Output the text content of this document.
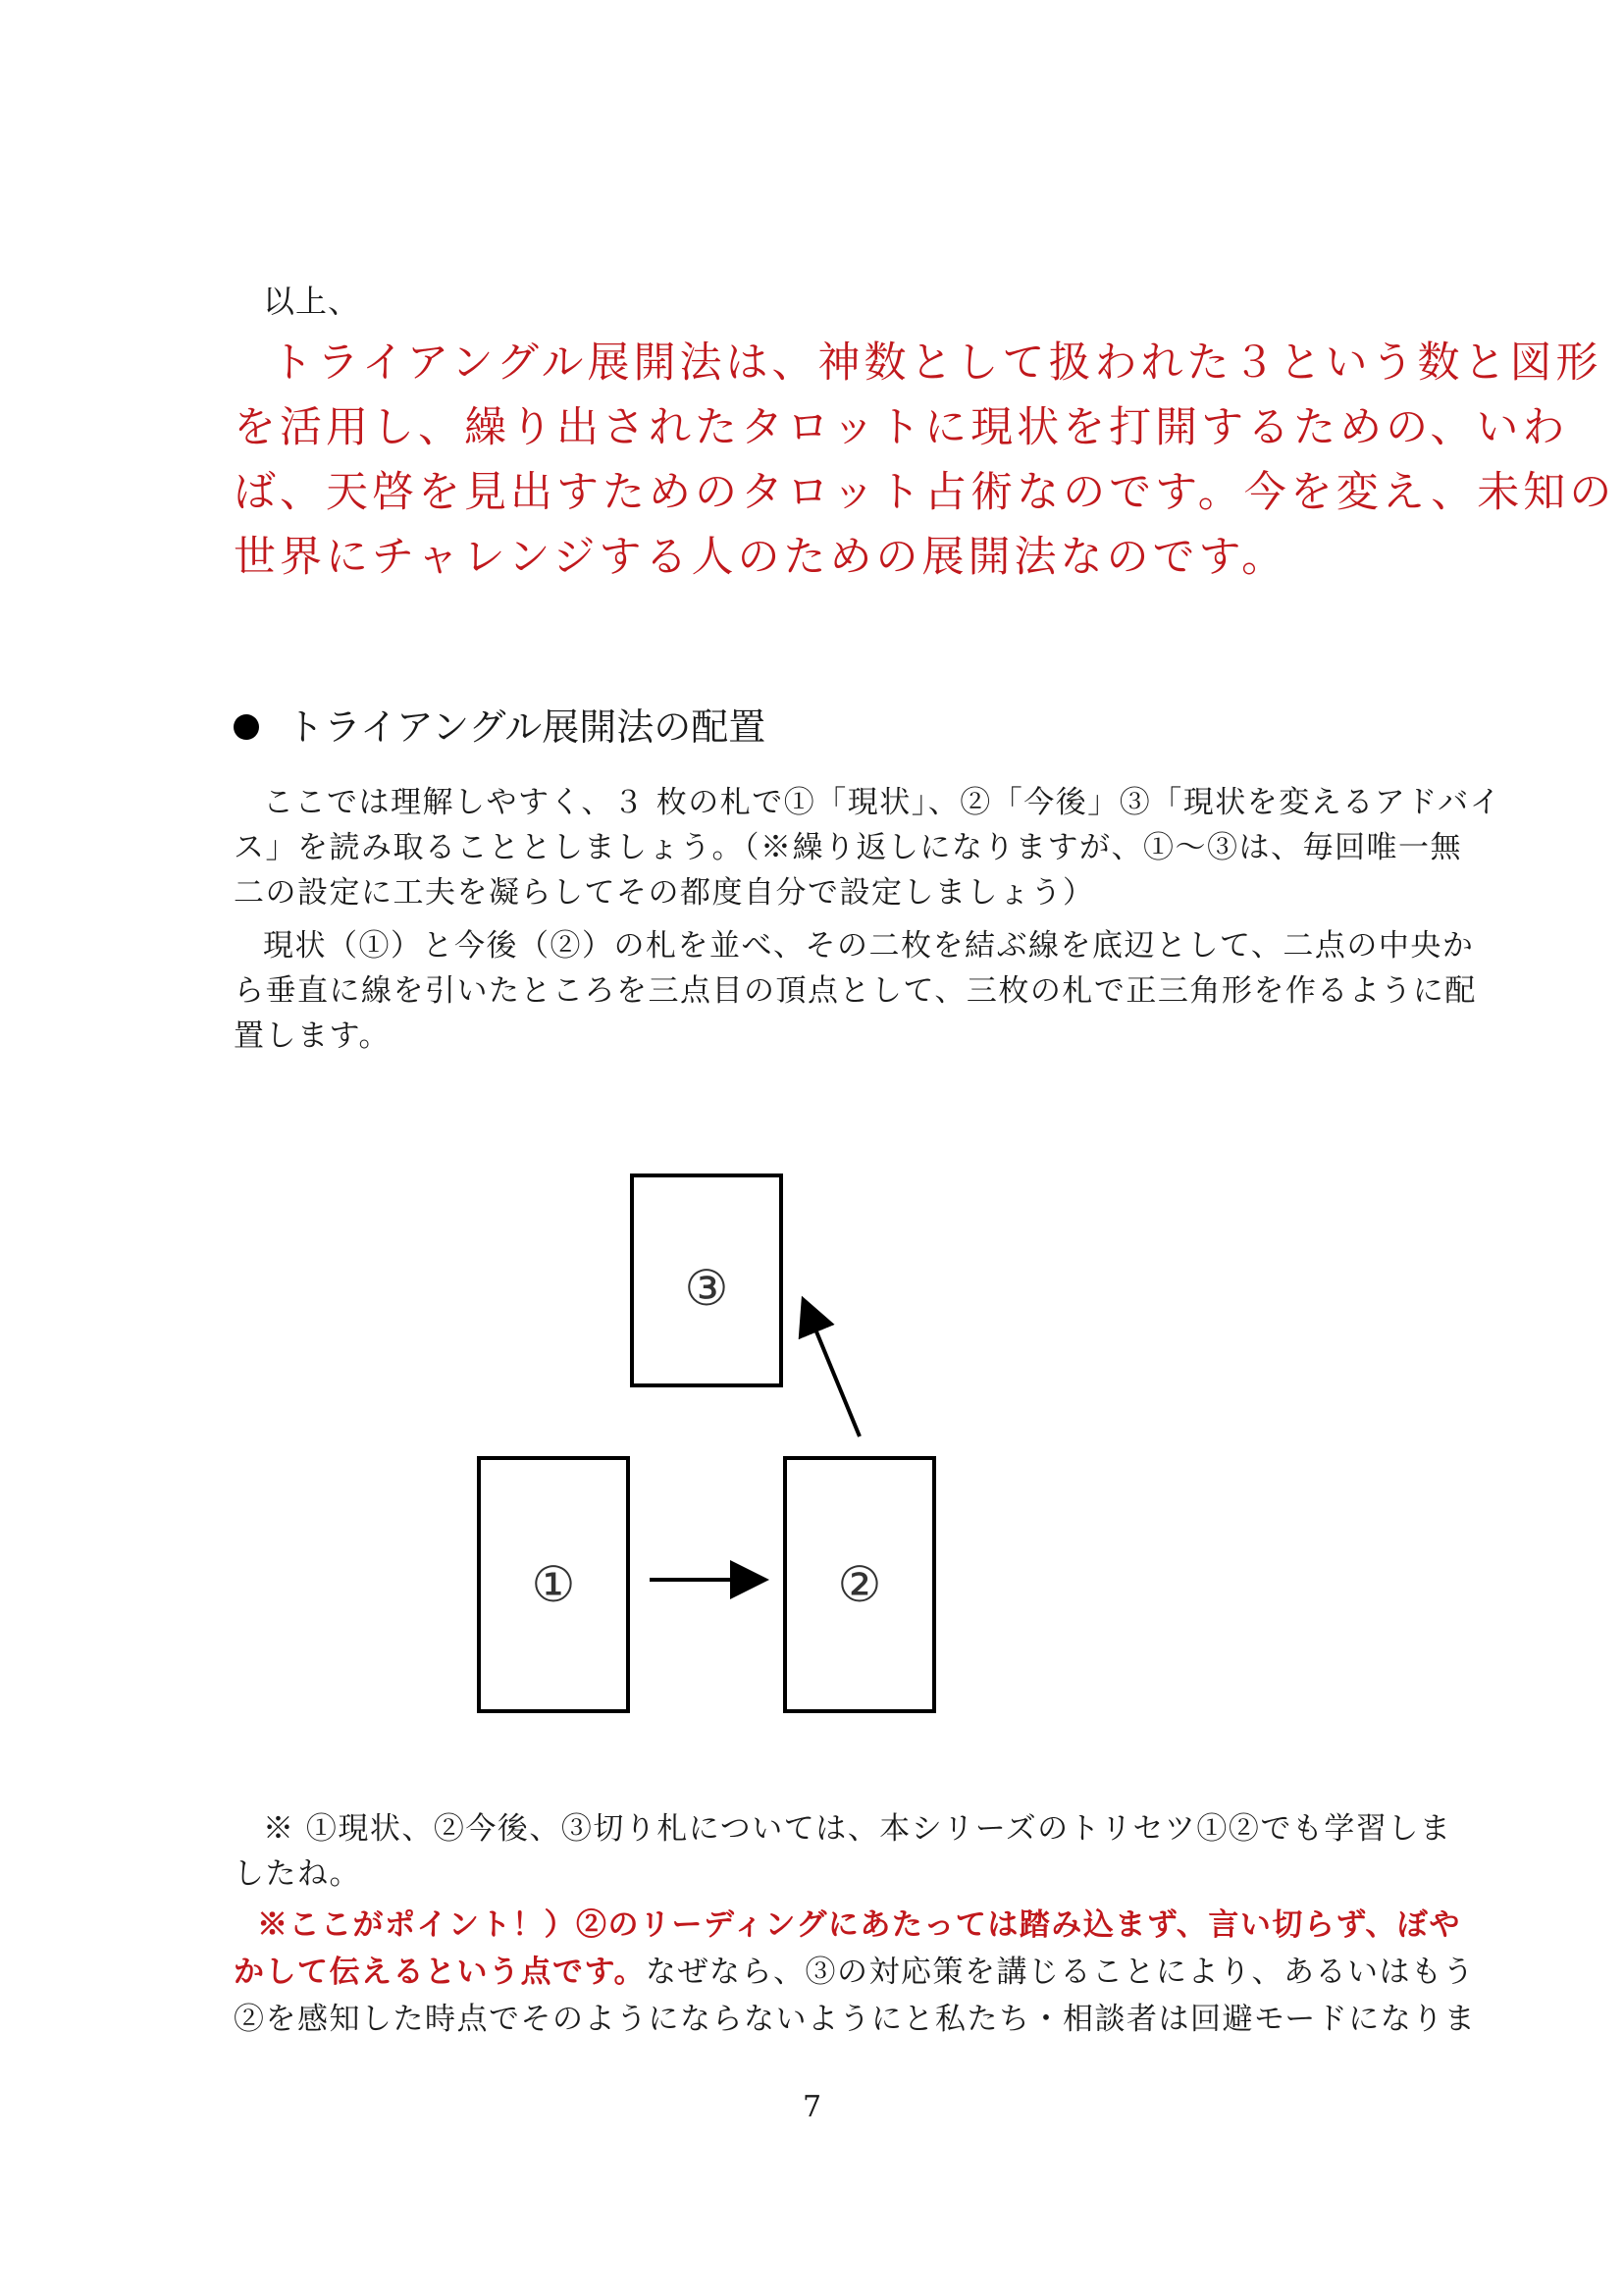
以上、
トライアングル展開法は、神数として扱われた３という数と図形
を活用し、繰り出されたタロットに現状を打開するための、いわ
ば、天啓を見出すためのタロット占術なのです。今を変え、未知の
世界にチャレンジする人のための展開法なのです。
トライアングル展開法の配置
ここでは理解しやすく、３ 枚の札で①「現状」、②「今後」③「現状を変えるアドバイ
ス」を読み取ることとしましょう。（※繰り返しになりますが、①～③は、毎回唯一無
二の設定に工夫を凝らしてその都度自分で設定しましょう）
現状（①）と今後（②）の札を並べ、その二枚を結ぶ線を底辺として、二点の中央か
ら垂直に線を引いたところを三点目の頂点として、三枚の札で正三角形を作るように配
置します。
③
①	②
※ ①現状、②今後、③切り札については、本シリーズのトリセツ①②でも学習しま
したね。
※ここがポイント！）②のリーディングにあたっては踏み込まず、言い切らず、ぼや
かして伝えるという点です。なぜなら、③の対応策を講じることにより、あるいはもう
②を感知した時点でそのようにならないようにと私たち・相談者は回避モードになりま
7
